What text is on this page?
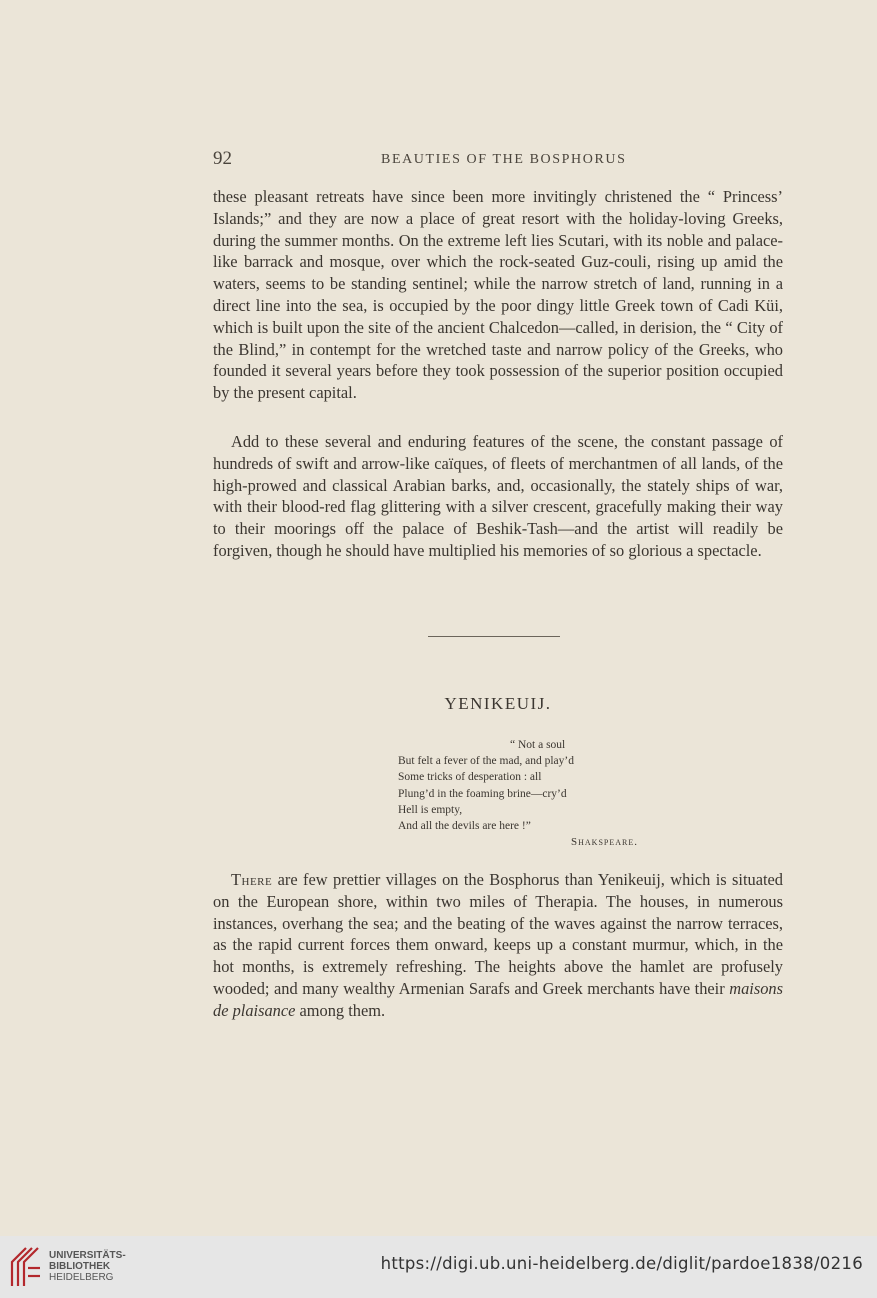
92	BEAUTIES OF THE BOSPHORUS
these pleasant retreats have since been more invitingly christened the “ Princess’ Islands;” and they are now a place of great resort with the holiday-loving Greeks, during the summer months. On the extreme left lies Scutari, with its noble and palace-like barrack and mosque, over which the rock-seated Guz-couli, rising up amid the waters, seems to be standing sentinel; while the narrow stretch of land, running in a direct line into the sea, is occupied by the poor dingy little Greek town of Cadi Küi, which is built upon the site of the ancient Chalcedon—called, in derision, the “ City of the Blind,” in contempt for the wretched taste and narrow policy of the Greeks, who founded it several years before they took possession of the superior position occupied by the present capital.
Add to these several and enduring features of the scene, the constant passage of hundreds of swift and arrow-like caïques, of fleets of merchantmen of all lands, of the high-prowed and classical Arabian barks, and, occasionally, the stately ships of war, with their blood-red flag glittering with a silver crescent, gracefully making their way to their moorings off the palace of Beshik-Tash—and the artist will readily be forgiven, though he should have multiplied his memories of so glorious a spectacle.
YENIKEUIJ.
“ Not a soul
But felt a fever of the mad, and play’d
Some tricks of desperation : all
Plung’d in the foaming brine—cry’d
Hell is empty,
And all the devils are here !”
Shakspeare.
There are few prettier villages on the Bosphorus than Yenikeuij, which is situated on the European shore, within two miles of Therapia. The houses, in numerous instances, overhang the sea; and the beating of the waves against the narrow terraces, as the rapid current forces them onward, keeps up a constant murmur, which, in the hot months, is extremely refreshing. The heights above the hamlet are profusely wooded; and many wealthy Armenian Sarafs and Greek merchants have their maisons de plaisance among them.
UNIVERSITÄTS-
BIBLIOTHEK
HEIDELBERG
https://digi.ub.uni-heidelberg.de/diglit/pardoe1838/0216
